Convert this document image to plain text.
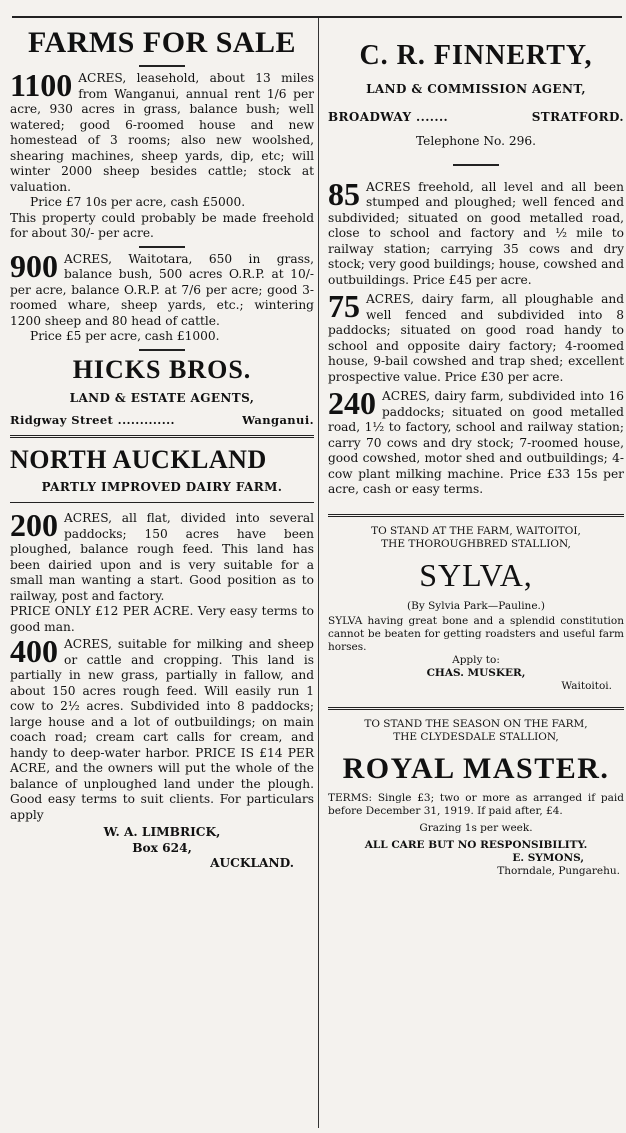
FARMS FOR SALE
1100 ACRES, leasehold, about 13 miles from Wanganui, annual rent 1/6 per acre, 930 acres in grass, balance bush; well watered; good 6-roomed house and new homestead of 3 rooms; also new woolshed, shearing machines, sheep yards, dip, etc; will winter 2000 sheep besides cattle; stock at valuation.

Price £7 10s per acre, cash £5000.

This property could probably be made freehold for about 30/- per acre.

900 ACRES, Waitotara, 650 in grass, balance bush, 500 acres O.R.P. at 10/- per acre, balance O.R.P. at 7/6 per acre; good 3-roomed whare, sheep yards, etc.; wintering 1200 sheep and 80 head of cattle.

Price £5 per acre, cash £1000.

HICKS BROS.
LAND & ESTATE AGENTS,
Ridgway Street .............	Wanganui.
NORTH AUCKLAND
PARTLY IMPROVED DAIRY FARM.
200 ACRES, all flat, divided into several paddocks; 150 acres have been ploughed, balance rough feed. This land has been dairied upon and is very suitable for a small man wanting a start. Good position as to railway, post and factory.

PRICE ONLY £12 PER ACRE. Very easy terms to good man.

400 ACRES, suitable for milking and sheep or cattle and cropping. This land is partially in new grass, partially in fallow, and about 150 acres rough feed. Will easily run 1 cow to 2½ acres. Subdivided into 8 paddocks; large house and a lot of outbuildings; on main coach road; cream cart calls for cream, and handy to deep-water harbor. PRICE IS £14 PER ACRE, and the owners will put the whole of the balance of unploughed land under the plough. Good easy terms to suit clients. For particulars apply
W. A. LIMBRICK,
Box 624,
AUCKLAND.
C. R. FINNERTY,
LAND & COMMISSION AGENT,
BROADWAY .......	STRATFORD.
Telephone No. 296.
85 ACRES freehold, all level and all been stumped and ploughed; well fenced and subdivided; situated on good metalled road, close to school and factory and ½ mile to railway station; carrying 35 cows and dry stock; very good buildings; house, cowshed and outbuildings. Price £45 per acre.
75 ACRES, dairy farm, all ploughable and well fenced and subdivided into 8 paddocks; situated on good road handy to school and opposite dairy factory; 4-roomed house, 9-bail cowshed and trap shed; excellent prospective value. Price £30 per acre.
240 ACRES, dairy farm, subdivided into 16 paddocks; situated on good metalled road, 1½ to factory, school and railway station; carry 70 cows and dry stock; 7-roomed house, good cowshed, motor shed and outbuildings; 4-cow plant milking machine. Price £33 15s per acre, cash or easy terms.
TO STAND AT THE FARM, WAITOITOI,
THE THOROUGHBRED STALLION,
SYLVA,
(By Sylvia Park—Pauline.)
SYLVA having great bone and a splendid constitution cannot be beaten for getting roadsters and useful farm horses.
Apply to:
CHAS. MUSKER,
Waitoitoi.
TO STAND THE SEASON ON THE FARM,
THE CLYDESDALE STALLION,
ROYAL MASTER.
TERMS: Single £3; two or more as arranged if paid before December 31, 1919. If paid after, £4.
Grazing 1s per week.
ALL CARE BUT NO RESPONSIBILITY.
E. SYMONS,
Thorndale, Pungarehu.
